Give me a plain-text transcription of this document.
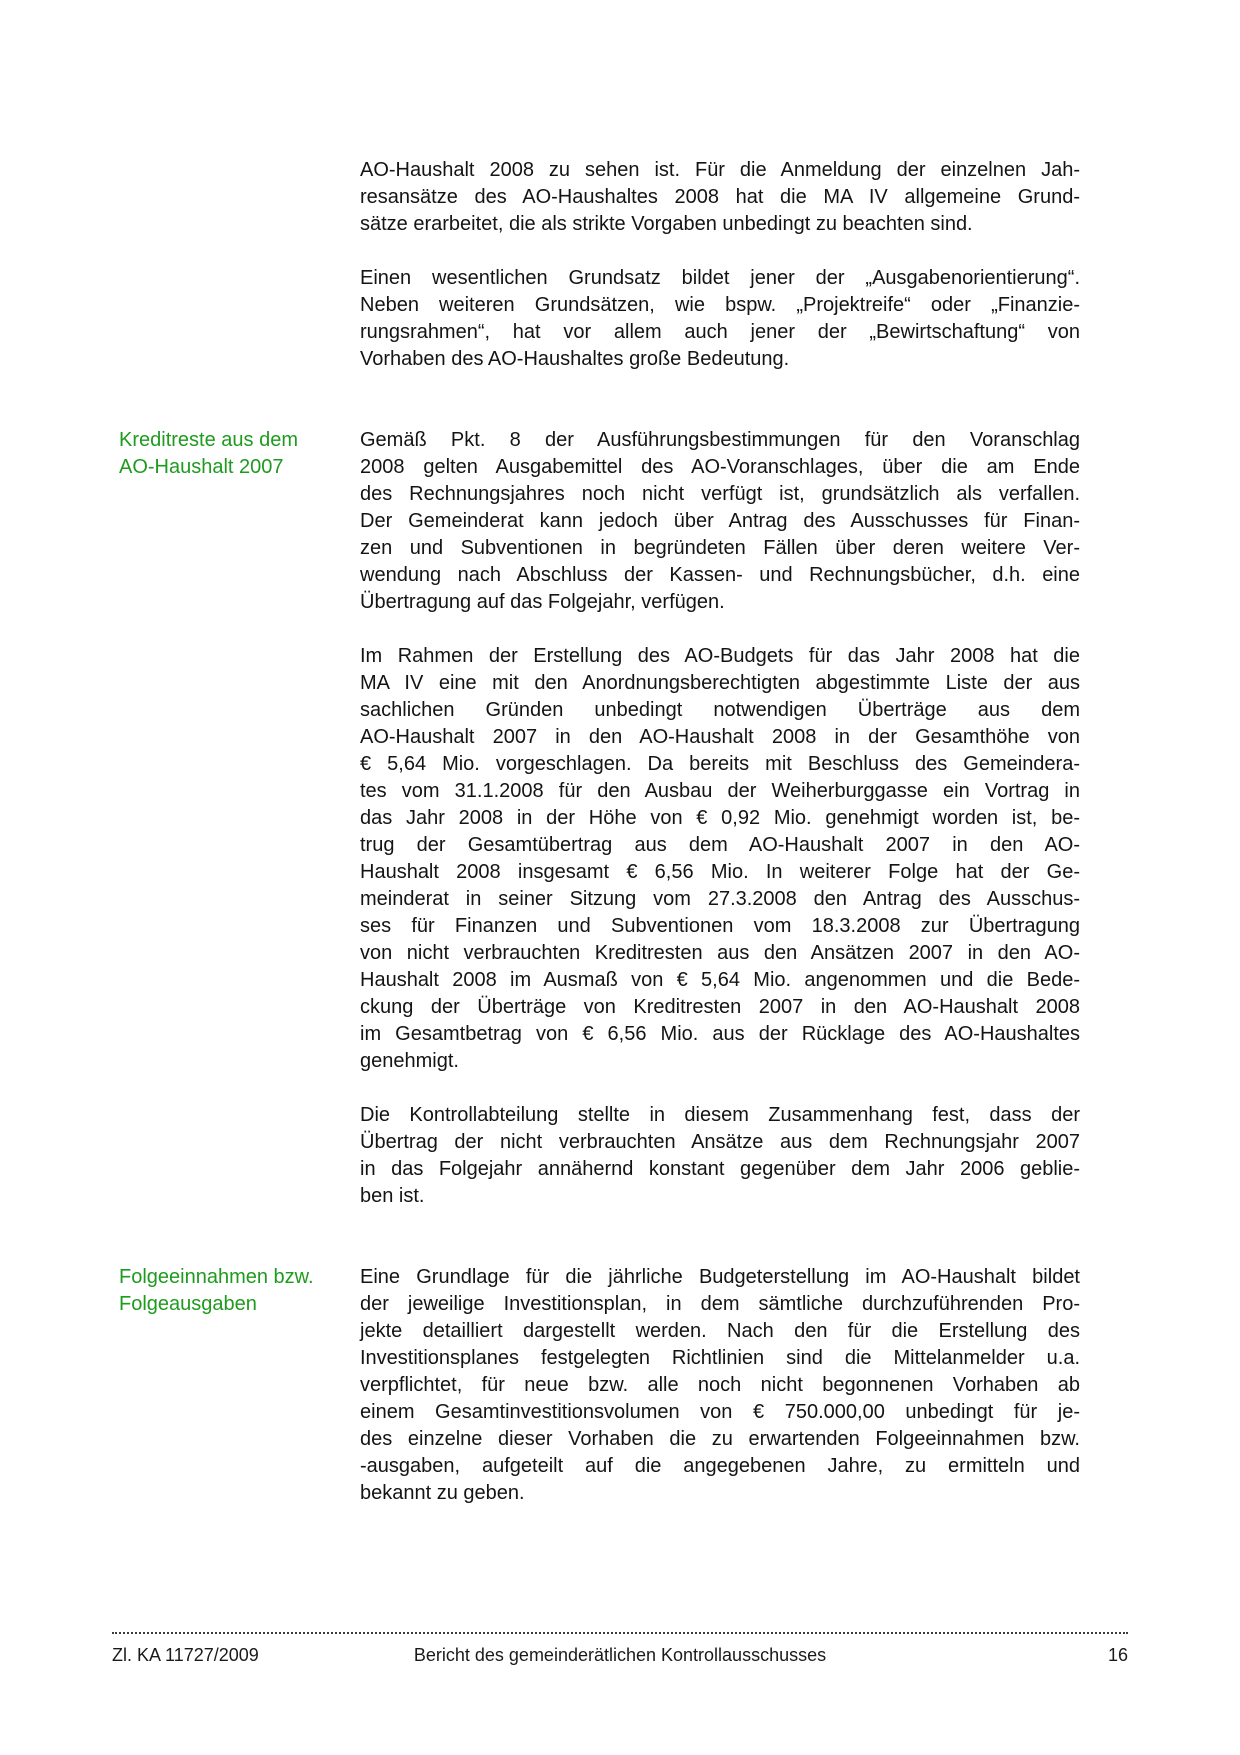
AO-Haushalt 2008 zu sehen ist. Für die Anmeldung der einzelnen Jah-
resansätze des AO-Haushaltes 2008 hat die MA IV allgemeine Grund-
sätze erarbeitet, die als strikte Vorgaben unbedingt zu beachten sind.
Einen wesentlichen Grundsatz bildet jener der „Ausgabenorientierung“.
Neben weiteren Grundsätzen, wie bspw. „Projektreife“ oder „Finanzie-
rungsrahmen“, hat vor allem auch jener der „Bewirtschaftung“ von
Vorhaben des AO-Haushaltes große Bedeutung.
Kreditreste aus dem
AO-Haushalt 2007
Gemäß Pkt. 8 der Ausführungsbestimmungen für den Voranschlag
2008 gelten Ausgabemittel des AO-Voranschlages, über die am Ende
des Rechnungsjahres noch nicht verfügt ist, grundsätzlich als verfallen.
Der Gemeinderat kann jedoch über Antrag des Ausschusses für Finan-
zen und Subventionen in begründeten Fällen über deren weitere Ver-
wendung nach Abschluss der Kassen- und Rechnungsbücher, d.h. eine
Übertragung auf das Folgejahr, verfügen.
Im Rahmen der Erstellung des AO-Budgets für das Jahr 2008 hat die
MA IV eine mit den Anordnungsberechtigten abgestimmte Liste der aus
sachlichen Gründen unbedingt notwendigen Überträge aus dem
AO-Haushalt 2007 in den AO-Haushalt 2008 in der Gesamthöhe von
€ 5,64 Mio. vorgeschlagen. Da bereits mit Beschluss des Gemeindera-
tes vom 31.1.2008 für den Ausbau der Weiherburggasse ein Vortrag in
das Jahr 2008 in der Höhe von € 0,92 Mio. genehmigt worden ist, be-
trug der Gesamtübertrag aus dem AO-Haushalt 2007 in den AO-
Haushalt 2008 insgesamt € 6,56 Mio. In weiterer Folge hat der Ge-
meinderat in seiner Sitzung vom 27.3.2008 den Antrag des Ausschus-
ses für Finanzen und Subventionen vom 18.3.2008 zur Übertragung
von nicht verbrauchten Kreditresten aus den Ansätzen 2007 in den AO-
Haushalt 2008 im Ausmaß von € 5,64 Mio. angenommen und die Bede-
ckung der Überträge von Kreditresten 2007 in den AO-Haushalt 2008
im Gesamtbetrag von € 6,56 Mio. aus der Rücklage des AO-Haushaltes
genehmigt.
Die Kontrollabteilung stellte in diesem Zusammenhang fest, dass der
Übertrag der nicht verbrauchten Ansätze aus dem Rechnungsjahr 2007
in das Folgejahr annähernd konstant gegenüber dem Jahr 2006 geblie-
ben ist.
Folgeeinnahmen bzw.
Folgeausgaben
Eine Grundlage für die jährliche Budgeterstellung im AO-Haushalt bildet
der jeweilige Investitionsplan, in dem sämtliche durchzuführenden Pro-
jekte detailliert dargestellt werden. Nach den für die Erstellung des
Investitionsplanes festgelegten Richtlinien sind die Mittelanmelder u.a.
verpflichtet, für neue bzw. alle noch nicht begonnenen Vorhaben ab
einem Gesamtinvestitionsvolumen von € 750.000,00 unbedingt für je-
des einzelne dieser Vorhaben die zu erwartenden Folgeeinnahmen bzw.
-ausgaben, aufgeteilt auf die angegebenen Jahre, zu ermitteln und
bekannt zu geben.
Zl. KA 11727/2009	Bericht des gemeinderätlichen Kontrollausschusses	16
